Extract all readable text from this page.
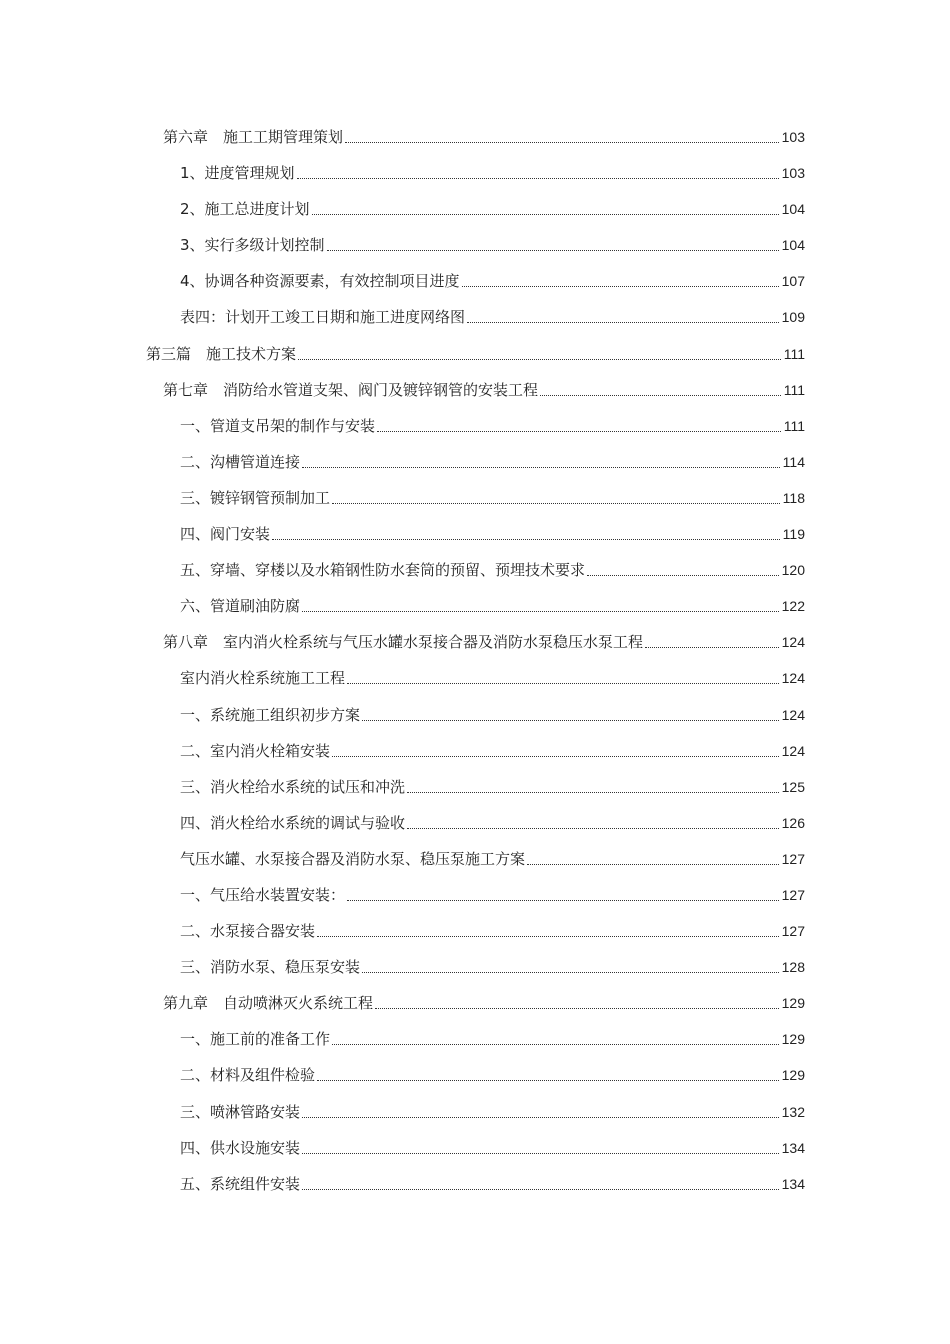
第六章　施工工期管理策划	103
1、进度管理规划	103
2、施工总进度计划	104
3、实行多级计划控制	104
4、协调各种资源要素，有效控制项目进度	107
表四：计划开工竣工日期和施工进度网络图	109
第三篇　施工技术方案	111
第七章　消防给水管道支架、阀门及镀锌钢管的安装工程	111
一、管道支吊架的制作与安装	111
二、沟槽管道连接	114
三、镀锌钢管预制加工	118
四、阀门安装	119
五、穿墙、穿楼以及水箱钢性防水套筒的预留、预埋技术要求	120
六、管道刷油防腐	122
第八章　室内消火栓系统与气压水罐水泵接合器及消防水泵稳压水泵工程	124
室内消火栓系统施工工程	124
一、系统施工组织初步方案	124
二、室内消火栓箱安装	124
三、消火栓给水系统的试压和冲洗	125
四、消火栓给水系统的调试与验收	126
气压水罐、水泵接合器及消防水泵、稳压泵施工方案	127
一、气压给水装置安装：	127
二、水泵接合器安装	127
三、消防水泵、稳压泵安装	128
第九章　自动喷淋灭火系统工程	129
一、施工前的准备工作	129
二、材料及组件检验	129
三、喷淋管路安装	132
四、供水设施安装	134
五、系统组件安装	134
